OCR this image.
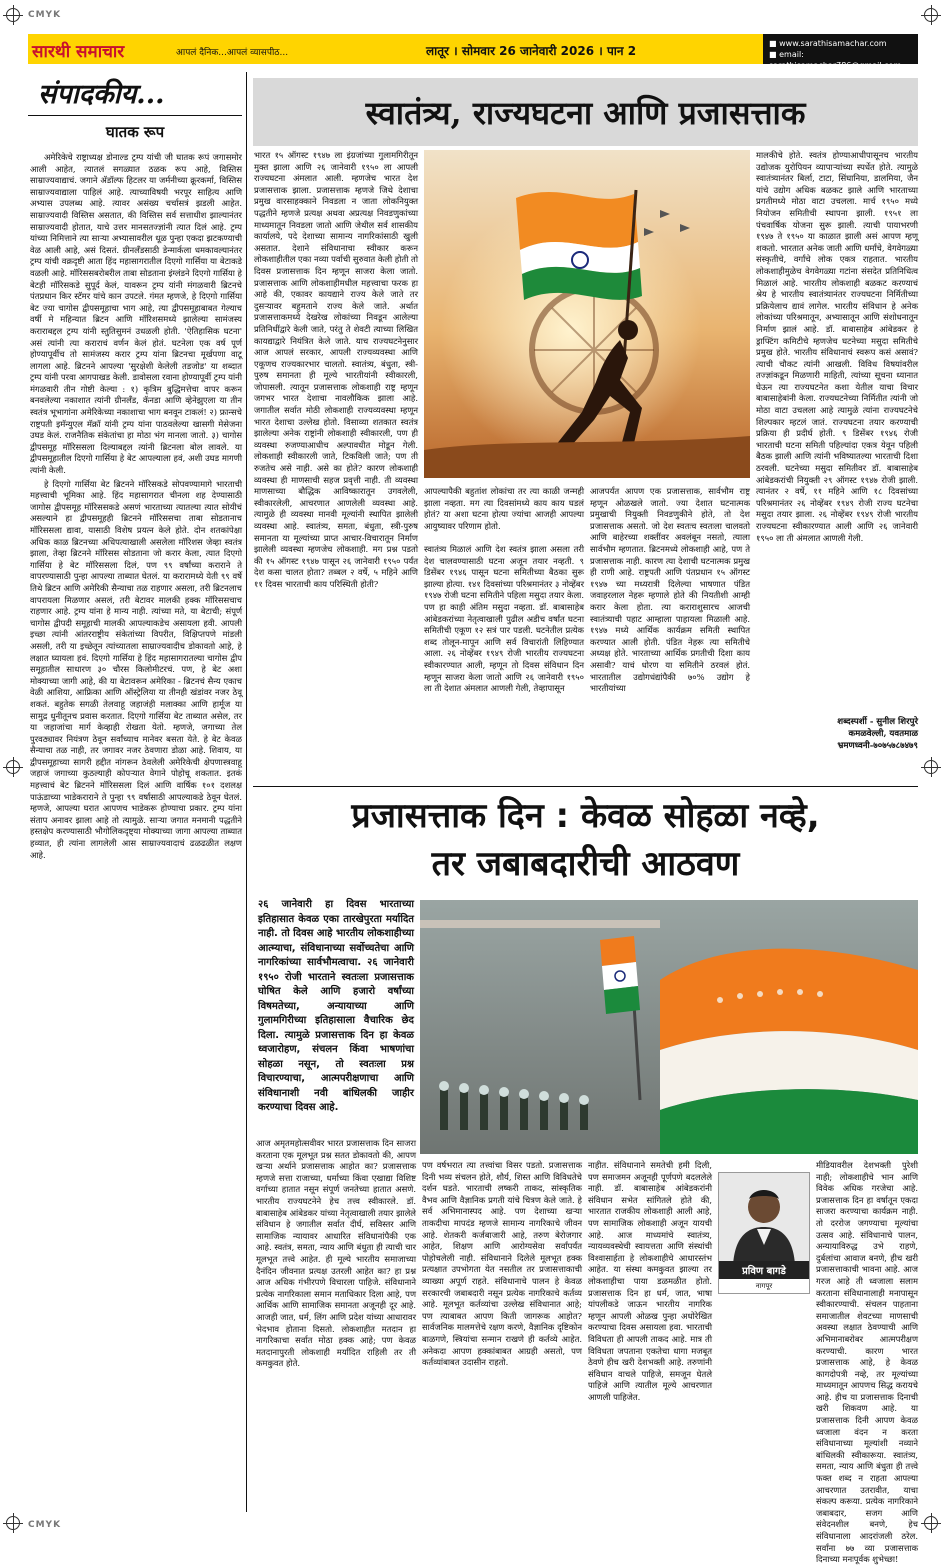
CMYK
CMYK
सारथी समाचार	आपलं दैनिक...आपलं व्यासपीठ...	लातूर । सोमवार 26 जानेवारी 2026 । पान 2
■ www.sarathisamachar.com
■ email: sarathisamachar786@gmail.com
संपादकीय...
घातक रूप

अमेरिकेचे राष्ट्राध्यक्ष डोनाल्ड ट्रम्प यांची जी घातक रूपं जगासमोर आली आहेत, त्यातलं सगळ्यात ठळक रूप आहे, विस्तिस साम्राज्यवाद्याचं. जगाने ॲडॉल्फ हिटलर या जर्मनीच्या क्रूरकर्मा, विस्तिस साम्राज्यवाद्याला पाहिलं आहे. त्याच्याविषयी भरपूर साहित्य आणि अभ्यास उपलब्ध आहे. त्यावर असंख्य चर्चासत्रं झडली आहेत. साम्राज्यवादी विस्तिस असतात, की विस्तिस सर्व सत्ताधीश झाल्यानंतर साम्राज्यवादी होतात, याचे उत्तर मानसतज्ज्ञांनी त्यात दिलं आहे. ट्रम्प यांच्या निमित्ताने त्या साऱ्या अभ्यासावरील धूळ पुन्हा एकदा झटकण्याची वेळ आली आहे, असं दिसतं. ग्रीनलँडसाठी डेन्मार्कला धमकावल्यानंतर ट्रम्प यांची वक्रदृष्टी आता हिंद महासागरातील दिएगो गार्सिया या बेटाकडे वळली आहे. मॉरिससबरोबरील ताबा सोडताना इंग्लंडने दिएगो गार्सिया हे बेटही मॉरिसकडे सुपूर्द केलं, यावरून ट्रम्प यांनी मंगळवारी ब्रिटनचे पंतप्रधान किर स्टॅमर यांचे कान उपटले. गंमत म्हणजे, हे दिएगो गार्सिया बेट ज्या चागोस द्वीपसमूहाचा भाग आहे, त्या द्वीपसमूहाबाबत गेल्याच वर्षी मे महिन्यात ब्रिटन आणि मॉरिशसमध्ये झालेल्या सामंजस्य कराराबद्दल ट्रम्प यांनी स्तुतिसुमनं उधळली होती. 'ऐतिहासिक घटना' असं त्यांनी त्या कराराचं वर्णन केलं होतं. घटनेला एक वर्ष पूर्ण होण्यापूर्वीच तो सामंजस्य करार ट्रम्प यांना ब्रिटनचा मूर्खपणा वाटू लागला आहे. ब्रिटनने आपल्या 'सुरक्षेशी केलेली तडजोड' या शब्दात ट्रम्प यांनी परवा आगपाखड केली. डावोसला रवाना होण्यापूर्वी ट्रम्प यांनी मंगळवारी तीन गोष्टी केल्या : १) कृत्रिम बुद्धिमत्तेचा वापर करून बनवलेल्या नकाशात त्यांनी ग्रीनलँड, कॅनडा आणि व्हेनेझुएला या तीन स्वतंत्र भूभागांना अमेरिकेच्या नकाशाचा भाग बनवून टाकलं! २) फ्रान्सचे राष्ट्रपती इमॅन्युएल मॅक्रॉ यांनी ट्रम्प यांना पाठवलेल्या खासगी मेसेजना उघड केलं. राजनैतिक संकेतांचा हा मोठा भंग मानला जातो. ३) चागोस द्वीपसमूह मॉरिससला दिल्याबद्दल त्यांनी ब्रिटनला बोल लावले. या द्वीपसमूहातील दिएगो गार्सिया हे बेट आपल्याला हवं, अशी उघड मागणी त्यांनी केली.

हे दिएगो गार्सिया बेट ब्रिटनने मॉरिसकडे सोपवण्यामागे भारताची महत्त्वाची भूमिका आहे. हिंद महासागरात चीनला शह देण्यासाठी जागोस द्वीपसमूह मॉरिससकडे असणं भारताच्या त्यातल्या त्यात सोयीचं असल्याने हा द्वीपसमूहही ब्रिटनने मॉरिससचा ताबा सोडतानाच मॉरिससला द्यावा, यासाठी विशेष प्रयत्न केले होते. दोन शतकांपेक्षा अधिक काळ ब्रिटनच्या अधिपत्याखाली असलेला मॉरिशस जेव्हा स्वतंत्र झाला, तेव्हा ब्रिटनने मॉरिसस सोडताना जो करार केला, त्यात दिएगो गार्सिया हे बेट मॉरिससला दिलं, पण ९९ वर्षांच्या कराराने ते वापरण्यासाठी पुन्हा आपल्या ताब्यात घेतलं. या करारामध्ये येती ९९ वर्षे तिथे ब्रिटन आणि अमेरिकी सैन्याचा तळ राहणार असला, तरी ब्रिटनलाच वापरायला मिळणार असलं, तरी बेटावर मालकी हक्क मॉरिससचाच राहणार आहे. ट्रम्प यांना हे मान्य नाही. त्यांच्या मते, या बेटाची; संपूर्ण चागोस द्वीपदी समूहाची मालकी आपल्याकडेच असायला हवी. आपली इच्छा त्यांनी आंतरराष्ट्रीय संकेतांच्या विपरीत, विक्षिप्तपणे मांडली असली, तरी या इच्छेतून त्यांच्यातला साम्राज्यवादीच डोकावतो आहे, हे लक्षात घ्यायला हवं. दिएगो गार्सिया हे हिंद महासागरातल्या चागोस द्वीप समूहातील साधारण ३० चौरस किलोमीटरचं. पण, हे बेट अशा मोक्याच्या जागी आहे, की या बेटावरून अमेरिका - ब्रिटनचं सैन्य एकाच वेळी आशिया, आफ्रिका आणि ऑस्ट्रेलिया या तीनही खंडांवर नजर ठेवू शकतं. बहुतेक सगळी तेलवाहू जहाजंही मलाक्का आणि हार्मूज या सामुद्र धुनीतूनच प्रवास करतात. दिएगो गार्सिया बेट ताब्यात असेल, तर या जहाजांचा मार्ग केव्हाही रोखता येतो. म्हणजे, जगाच्या तेल पुरवठ्यावर नियंत्रण ठेवून सर्वांच्याच मानेवर बसता येते. हे बेट केवळ सैन्याचा तळ नाही, तर जगावर नजर ठेवणारा डोळा आहे. शिवाय, या द्वीपसमूहाच्या सागरी हद्दीत नांगरून ठेवलेली अमेरिकेची क्षेपणास्त्रवाहू जहाजं जगाच्या कुठल्याही कोपऱ्यात वेगाने पोहोचू शकतात. इतकं महत्त्वाचं बेट ब्रिटनने मॉरिससला दिलं आणि वार्षिक १०१ दशलक्ष पाऊंडाच्या भाडेकराराने ते पुन्हा ९९ वर्षांसाठी आपल्याकडे ठेवून घेतलं. म्हणजे, आपल्या घरात आपणच भाडेकरू होण्याचा प्रकार. ट्रम्प यांना संताप अनावर झाला आहे तो त्यामुळे. साऱ्या जगात मनमानी पद्धतीने हस्तक्षेप करण्यासाठी भौगोलिकदृष्ट्या मोक्याच्या जागा आपल्या ताब्यात हव्यात, ही त्यांना लागलेली आस साम्राज्यवादाचं ढळढळीत लक्षण आहे.

स्वातंत्र्य, राज्यघटना आणि प्रजासत्ताक
भारत १५ ऑगस्ट १९४७ ला इंग्रजांच्या गुलामगिरीतून मुक्त झाला आणि २६ जानेवारी १९५० ला आपली राज्यघटना अंमलात आली. म्हणजेच भारत देश प्रजासत्ताक झाला. प्रजासत्ताक म्हणजे जिथे देशाचा प्रमुख वारसाहक्काने निवडला न जाता लोकनियुक्त पद्धतीने म्हणजे प्रत्यक्ष अथवा अप्रत्यक्ष निवडणुकांच्या माध्यमातून निवडला जातो आणि जेथील सर्व शासकीय कार्यालये, पदे देशाच्या सामान्य नागरिकांसाठी खुली असतात. देशाने संविधानाचा स्वीकार करून लोकशाहीतील एका नव्या पर्वाची सुरुवात केली होती तो दिवस प्रजासत्ताक दिन म्हणून साजरा केला जातो. प्रजासत्ताक आणि लोकशाहीमधील महत्त्वाचा फरक हा आहे की, एकावर कायद्याने राज्य केले जाते तर दुसऱ्यावर बहुमताने राज्य केले जाते. अर्थात प्रजासत्ताकमध्ये देखरेख लोकांच्या निवडून आलेल्या प्रतिनिधींद्वारे केली जाते, परंतु ते शेवटी त्याच्या लिखित कायद्याद्वारे नियंत्रित केले जाते. याच राज्यघटनेनुसार आज आपलं सरकार, आपली राज्यव्यवस्था आणि एकूणच राज्यकारभार चालतो. स्वातंत्र्य, बंधुता, स्त्री-पुरुष समानता ही मूल्ये भारतीयांनी स्वीकारली, जोपासली. त्यातून प्रजासत्ताक लोकशाही राष्ट्र म्हणून जगभर भारत देशाचा नावलौकिक झाला आहे. जगातील सर्वात मोठी लोकशाही राज्यव्यवस्था म्हणून भारत देशाचा उल्लेख होतो. विसाव्या शतकात स्वतंत्र झालेल्या अनेक राष्ट्रांनी लोकशाही स्वीकारली, पण ही व्यवस्था रुजण्याआधीच अल्पावधीत मोडून गेली. लोकशाही स्वीकारली जाते, टिकविली जाते; पण ती रुजतेच असे नाही. असे का होते? कारण लोकशाही व्यवस्था ही माणसाची सहज प्रवृत्ती नाही. ती व्यवस्था माणसाच्या बौद्धिक आविष्कारातून उगवलेली, स्वीकारलेली, आचरणात आणलेली व्यवस्था आहे. त्यामुळे ही व्यवस्था मानवी मूल्यांनी स्थापित झालेली व्यवस्था आहे. स्वातंत्र्य, समता, बंधुता, स्त्री-पुरुष समानता या मूल्यांच्या प्राप्त आचार-विचारातून निर्माण झालेली व्यवस्था म्हणजेच लोकशाही. मग प्रश्न पडतो की १५ ऑगस्ट १९४७ पासून २६ जानेवारी १९५० पर्यंत देश कसा चालत होता? तब्बल २ वर्षे, ५ महिने आणि ११ दिवस भारताची काय परिस्थिती होती?
आपल्यापैकी बहुतांश लोकांचा तर त्या काळी जन्मही झाला नव्हता. मग त्या दिवसांमध्ये काय काय घडलं होतं? या अशा घटना होत्या ज्यांचा आजही आपल्या आयुष्यावर परिणाम होतो.
स्वातंत्र्य मिळालं आणि देश स्वतंत्र झाला असला तरी देश चालवण्यासाठी घटना अजून तयार नव्हती. ९ डिसेंबर १९४६ पासून घटना समितीच्या बैठका सुरू झाल्या होत्या. १४१ दिवसांच्या परिश्रमानंतर ३ नोव्हेंबर १९४७ रोजी घटना समितीने पहिला मसुदा तयार केला. पण हा काही अंतिम मसुदा नव्हता. डॉ. बाबासाहेब आंबेडकरांच्या नेतृत्वाखाली पुढील अडीच वर्षांत घटना समितीची एकूण १२ सत्रं पार पडली. घटनेतील प्रत्येक शब्द तोलून-मापून आणि सर्व विचारांती लिहिण्यात आला. २६ नोव्हेंबर १९४९ रोजी भारतीय राज्यघटना स्वीकारण्यात आली, म्हणून तो दिवस संविधान दिन म्हणून साजरा केला जातो आणि २६ जानेवारी १९५० ला ती देशात अंमलात आणली गेली, तेव्हापासून
आजपर्यंत आपण एक प्रजासत्ताक, सार्वभौम राष्ट्र म्हणून ओळखले जातो. ज्या देशात घटनात्मक प्रमुखाची नियुक्ती निवडणुकीने होते, तो देश प्रजासत्ताक असतो. जो देश स्वतःच स्वतःला चालवतो आणि बाहेरच्या शक्तींवर अवलंबून नसतो, त्याला सार्वभौम म्हणतात. ब्रिटनमध्ये लोकशाही आहे, पण ते प्रजासत्ताक नाही. कारण त्या देशाची घटनात्मक प्रमुख ही राणी आहे. राष्ट्रपती आणि पंतप्रधान १५ ऑगस्ट १९४७ च्या मध्यरात्री दिलेल्या भाषणात पंडित जवाहरलाल नेहरू म्हणाले होते की नियतीशी आम्ही करार केला होता. त्या कराराशुसारच आजची स्वातंत्र्याची पहाट आम्हाला पाहायला मिळाली आहे. १९४७ मध्ये आर्थिक कार्यक्रम समिती स्थापित करण्यात आली होती. पंडित नेहरू त्या समितीचे अध्यक्ष होते. भारताच्या आर्थिक प्रगतीची दिशा काय असावी? याचं धोरण या समितीने ठरवलं होतं. भारतातील उद्योगधंद्यांपैकी ७०% उद्योग हे भारतीयांच्या
मालकीचे होते. स्वतंत्र होण्याआधीपासूनच भारतीय उद्योजक युरोपियन व्यापाऱ्यांच्या स्पर्धेत होते. त्यामुळे स्वातंत्र्यानंतर बिर्ला, टाटा, सिंघानिया, डालमिया, जैन यांचे उद्योग अधिक बळकट झाले आणि भारताच्या प्रगतीमध्ये मोठा वाटा उचलला. मार्च १९५० मध्ये नियोजन समितीची स्थापना झाली. १९५१ ला पंचवार्षिक योजना सुरू झाली. त्याची पायाभरणी १९४७ ते १९५० या काळात झाली असं आपण म्हणू शकतो. भारतात अनेक जाती आणि धर्मांचे, वेगवेगळ्या संस्कृतीचे, वर्गांचे लोक एकत्र राहतात. भारतीय लोकशाहीमुळेच वेगवेगळ्या गटांना संसदेत प्रतिनिधित्व मिळालं आहे. भारतीय लोकशाही बळकट करण्याचं श्रेय हे भारतीय स्वातंत्र्यानंतर राज्यघटना निर्मितीच्या प्रक्रियेलाच द्यावं लागेल. भारतीय संविधान हे अनेक लोकांच्या परिश्रमातून, अभ्यासातून आणि संशोधनातून निर्माण झालं आहे. डॉ. बाबासाहेब आंबेडकर हे ड्राफ्टिंग कमिटीचे म्हणजेच घटनेच्या मसुदा समितीचे प्रमुख होते. भारतीय संविधानाचं स्वरूप कसं असावं? त्याची चौकट त्यांनी आखली. विविध विषयांवरील तज्ज्ञांकडून मिळणारी माहिती, त्यांच्या सूचना ध्यानात घेऊन त्या राज्यघटनेत कशा येतील याचा विचार बाबासाहेबांनी केला. राज्यघटनेच्या निर्मितीत त्यांनी जो मोठा वाटा उचलला आहे त्यामुळे त्यांना राज्यघटनेचे शिल्पकार म्हटलं जातं. राज्यघटना तयार करण्याची प्रक्रिया ही प्रदीर्घ होती. ९ डिसेंबर १९४६ रोजी भारताची घटना समिती पहिल्यांदा एकत्र येवून पहिली बैठक झाली आणि त्यांनी भविष्यातल्या भारताची दिशा ठरवली. घटनेच्या मसुदा समितीवर डॉ. बाबासाहेब आंबेडकरांची नियुक्ती २९ ऑगस्ट १९४७ रोजी झाली. त्यानंतर २ वर्षे, ११ महिने आणि १८ दिवसांच्या परिश्रमानंतर २६ नोव्हेंबर १९४९ रोजी राज्य घटनेचा मसुदा तयार झाला. २६ नोव्हेंबर १९४९ रोजी भारतीय राज्यघटना स्वीकारण्यात आली आणि २६ जानेवारी १९५० ला ती अंमलात आणली गेली.
शब्दस्पर्शी - सुनील शिरपुरे
कमळवेल्ली, यवतमाळ
भ्रमणध्वनी-७०७५७८७४७९
प्रजासत्ताक दिन : केवळ सोहळा नव्हे,
तर जबाबदारीची आठवण
२६ जानेवारी हा दिवस भारताच्या इतिहासात केवळ एका तारखेपुरता मर्यादित नाही. तो दिवस आहे भारतीय लोकशाहीच्या आत्म्याचा, संविधानाच्या सर्वोच्चतेचा आणि नागरिकांच्या सार्वभौमत्वाचा. २६ जानेवारी १९५० रोजी भारताने स्वतःला प्रजासत्ताक घोषित केले आणि हजारो वर्षांच्या विषमतेच्या, अन्यायाच्या आणि गुलामगिरीच्या इतिहासाला वैचारिक छेद दिला. त्यामुळे प्रजासत्ताक दिन हा केवळ ध्वजारोहण, संचलन किंवा भाषणांचा सोहळा नसून, तो स्वतःला प्रश्न विचारण्याचा, आत्मपरीक्षणाचा आणि संविधानाशी नवी बांधिलकी जाहीर करण्याचा दिवस आहे.
आज अमृतमहोत्सवीवर भारत प्रजासत्ताक दिन साजरा करताना एक मूलभूत प्रश्न सतत डोकावतो की, आपण खऱ्या अर्थाने प्रजासत्ताक आहोत का? प्रजासत्ताक म्हणजे सत्ता राजाच्या, धर्माच्या किंवा एखाद्या विशिष्ट वर्गाच्या हातात नसून संपूर्ण जनतेच्या हातात असणे. भारतीय राज्यघटनेने हेच तत्त्व स्वीकारले. डॉ. बाबासाहेब आंबेडकर यांच्या नेतृत्वाखाली तयार झालेले संविधान हे जगातील सर्वात दीर्घ, सविस्तर आणि सामाजिक न्यायावर आधारित संविधानांपैकी एक आहे. स्वतंत्र, समता, न्याय आणि बंधुता ही त्याची चार मूलभूत तत्त्वे आहेत. ही मूल्ये भारतीय समाजाच्या दैनंदिन जीवनात प्रत्यक्ष उतरली आहेत का? हा प्रश्न आज अधिक गंभीरपणे विचारला पाहिजे. संविधानाने प्रत्येक नागरिकाला समान मताधिकार दिला आहे, पण आर्थिक आणि सामाजिक समानता अजूनही दूर आहे. आजही जात, धर्म, लिंग आणि प्रदेश यांच्या आधारावर भेदभाव होताना दिसतो. लोकशाहीत मतदान हा नागरिकाचा सर्वात मोठा हक्क आहे; पण केवळ मतदानापुरती लोकशाही मर्यादित राहिली तर ती कमकुवत होते.
पण वर्षभरात त्या तत्त्वांचा विसर पडतो. प्रजासत्ताक दिनी भव्य संचलन होते, शौर्य, शिस्त आणि विविधतेचे दर्शन घडते. भारताची लष्करी ताकद, सांस्कृतिक वैभव आणि वैज्ञानिक प्रगती यांचे चित्रण केले जाते. हे सर्व अभिमानास्पद आहे. पण देशाच्या खऱ्या ताकदीचा मापदंड म्हणजे सामान्य नागरिकाचे जीवन आहे. शेतकरी कर्जबाजारी आहे, तरुण बेरोजगार आहेत, शिक्षण आणि आरोग्यसेवा सर्वांपर्यंत पोहोचलेली नाही. संविधानाने दिलेले मूलभूत हक्क प्रत्यक्षात उपभोगता येत नसतील तर प्रजासत्ताकाची व्याख्या अपूर्ण राहते. संविधानाचे पालन हे केवळ सरकारची जबाबदारी नसून प्रत्येक नागरिकाचे कर्तव्य आहे. मूलभूत कर्तव्यांचा उल्लेख संविधानात आहे; पण त्याबाबत आपण किती जागरूक आहोत? सार्वजनिक मालमत्तेचे रक्षण करणे, वैज्ञानिक दृष्टिकोन बाळगणे, स्त्रियांचा सन्मान राखणे ही कर्तव्ये आहेत. अनेकदा आपण हक्कांबाबत आग्रही असतो, पण कर्तव्यांबाबत उदासीन राहतो.
नाहीत. संविधानाने समतेची हमी दिली, पण समाजमन अजूनही पूर्णपणे बदललेले नाही. डॉ. बाबासाहेब आंबेडकरांनी संविधान सभेत सांगितले होते की, भारतात राजकीय लोकशाही आली आहे, पण सामाजिक लोकशाही अजून यायची आहे. आज माध्यमांचे स्वातंत्र्य, न्यायव्यवस्थेची स्वायत्तता आणि संस्थांची विश्वासार्हता हे लोकशाहीचे आधारस्तंभ आहेत. या संस्था कमकुवत झाल्या तर लोकशाहीचा पाया डळमळीत होतो. प्रजासत्ताक दिन हा धर्म, जात, भाषा यांपलीकडे जाऊन भारतीय नागरिक म्हणून आपली ओळख पुन्हा अधोरेखित करण्याचा दिवस असायला हवा. भारताची विविधता ही आपली ताकद आहे. मात्र ती विविधता जपताना एकतेचा धागा मजबूत ठेवणे हीच खरी देशभक्ती आहे. तरुणांनी संविधान वाचले पाहिजे, समजून घेतले पाहिजे आणि त्यातील मूल्ये आचरणात आणली पाहिजेत.
मीडियावरील देशभक्ती पुरेशी नाही; लोकशाहीचे भान आणि विवेक अधिक गरजेचा आहे. प्रजासत्ताक दिन हा वर्षातून एकदा साजरा करण्याचा कार्यक्रम नाही. तो दररोज जगण्याचा मूल्यांचा उत्सव आहे. संविधानाचे पालन, अन्यायाविरुद्ध उभे राहणे, दुर्बलांचा आवाज बनणे, हीच खरी प्रजासत्ताकाची भावना आहे. आज गरज आहे ती ध्वजाला सलाम करताना संविधानालाही मनापासून स्वीकारण्याची. संचलन पाहताना समाजातील शेवटच्या माणसाची अवस्था लक्षात ठेवण्याची आणि अभिमानाबरोबर आत्मपरीक्षण करण्याची. कारण भारत प्रजासत्ताक आहे, हे केवळ कागदोपत्री नव्हे, तर मूल्यांच्या माध्यमातून आपणच सिद्ध करायचे आहे. हीच या प्रजासत्ताक दिनाची खरी शिकवण आहे. या प्रजासत्ताक दिनी आपण केवळ ध्वजाला वंदन न करता संविधानाच्या मूल्यांशी नव्याने बांधिलकी स्वीकारूया. स्वातंत्र्य, समता, न्याय आणि बंधुता ही तत्त्वे फक्त शब्द न राहता आपल्या आचरणात उतरावीत, याचा संकल्प करूया. प्रत्येक नागरिकाने जबाबदार, सजग आणि संवेदनशील बनणे, हेच संविधानाला आदरांजली ठरेल. सर्वांना ७७ व्या प्रजासत्ताक दिनाच्या मनःपूर्वक शुभेच्छा!
प्रविण बागडे
नागपूर
